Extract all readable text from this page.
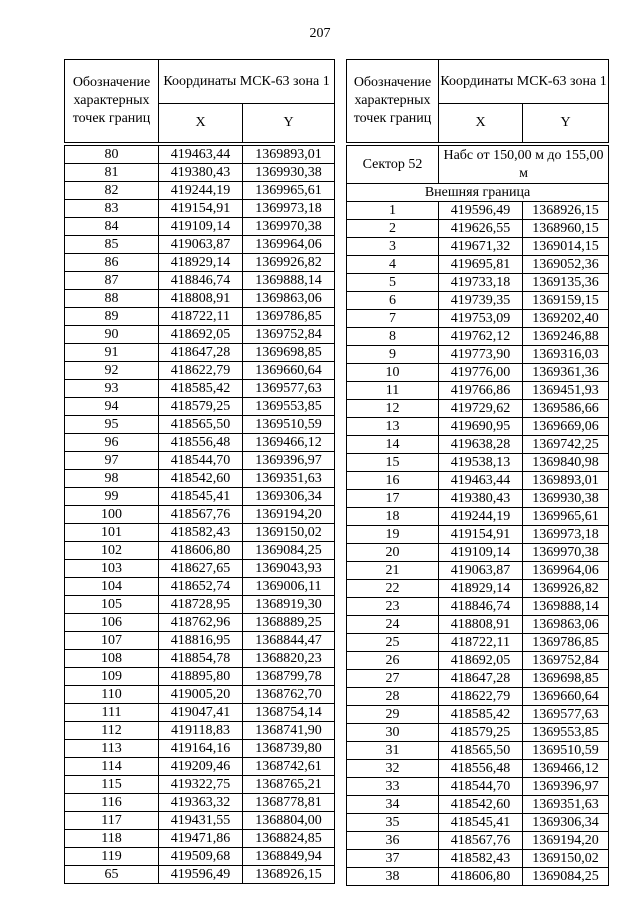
207
Обозначение характерных точек границ	Координаты МСК-63 зона 1	
	X	Y

80	419463,44	1369893,01
81	419380,43	1369930,38
82	419244,19	1369965,61
83	419154,91	1369973,18
84	419109,14	1369970,38
85	419063,87	1369964,06
86	418929,14	1369926,82
87	418846,74	1369888,14
88	418808,91	1369863,06
89	418722,11	1369786,85
90	418692,05	1369752,84
91	418647,28	1369698,85
92	418622,79	1369660,64
93	418585,42	1369577,63
94	418579,25	1369553,85
95	418565,50	1369510,59
96	418556,48	1369466,12
97	418544,70	1369396,97
98	418542,60	1369351,63
99	418545,41	1369306,34
100	418567,76	1369194,20
101	418582,43	1369150,02
102	418606,80	1369084,25
103	418627,65	1369043,93
104	418652,74	1369006,11
105	418728,95	1368919,30
106	418762,96	1368889,25
107	418816,95	1368844,47
108	418854,78	1368820,23
109	418895,80	1368799,78
110	419005,20	1368762,70
111	419047,41	1368754,14
112	419118,83	1368741,90
113	419164,16	1368739,80
114	419209,46	1368742,61
115	419322,75	1368765,21
116	419363,32	1368778,81
117	419431,55	1368804,00
118	419471,86	1368824,85
119	419509,68	1368849,94
65	419596,49	1368926,15
Обозначение характерных точек границ	Координаты МСК-63 зона 1	
	X	Y

Сектор 52	Набс от 150,00 м до 155,00 м	
Внешняя граница		
1	419596,49	1368926,15
2	419626,55	1368960,15
3	419671,32	1369014,15
4	419695,81	1369052,36
5	419733,18	1369135,36
6	419739,35	1369159,15
7	419753,09	1369202,40
8	419762,12	1369246,88
9	419773,90	1369316,03
10	419776,00	1369361,36
11	419766,86	1369451,93
12	419729,62	1369586,66
13	419690,95	1369669,06
14	419638,28	1369742,25
15	419538,13	1369840,98
16	419463,44	1369893,01
17	419380,43	1369930,38
18	419244,19	1369965,61
19	419154,91	1369973,18
20	419109,14	1369970,38
21	419063,87	1369964,06
22	418929,14	1369926,82
23	418846,74	1369888,14
24	418808,91	1369863,06
25	418722,11	1369786,85
26	418692,05	1369752,84
27	418647,28	1369698,85
28	418622,79	1369660,64
29	418585,42	1369577,63
30	418579,25	1369553,85
31	418565,50	1369510,59
32	418556,48	1369466,12
33	418544,70	1369396,97
34	418542,60	1369351,63
35	418545,41	1369306,34
36	418567,76	1369194,20
37	418582,43	1369150,02
38	418606,80	1369084,25
